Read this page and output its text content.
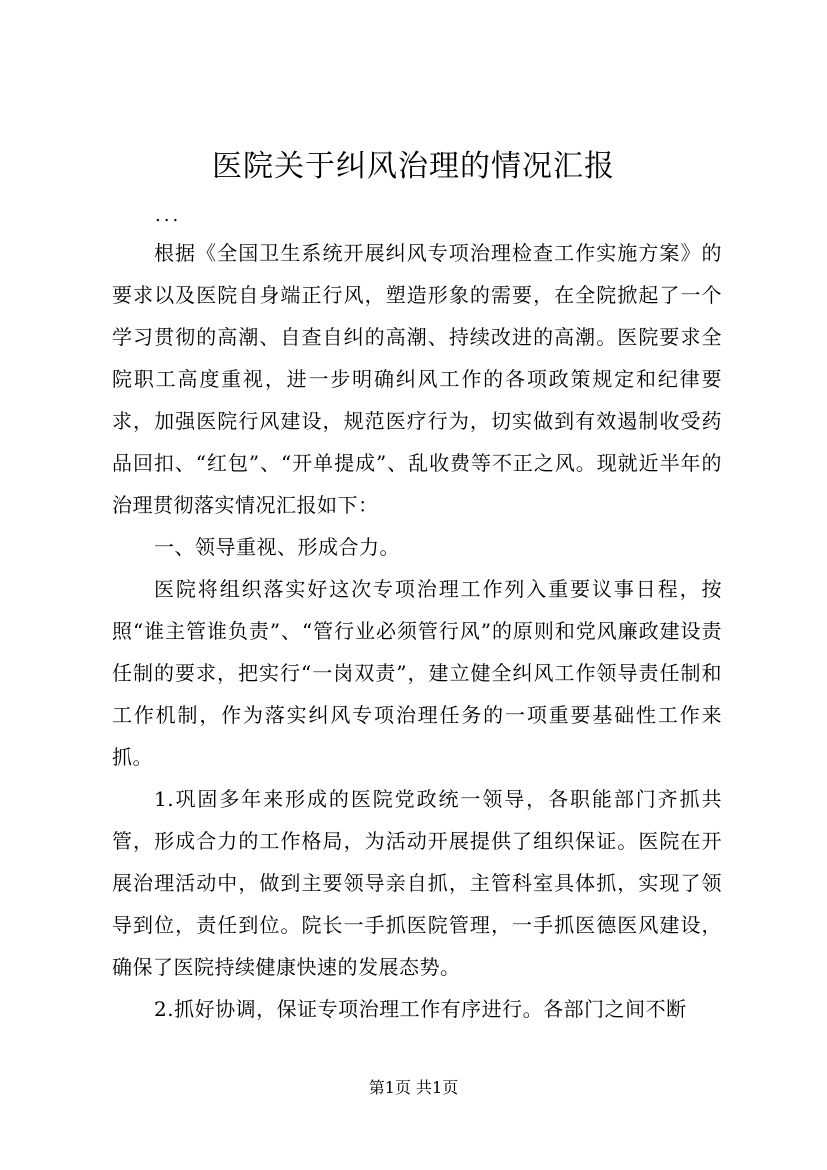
医院关于纠风治理的情况汇报
...

根据《全国卫生系统开展纠风专项治理检查工作实施方案》的要求以及医院自身端正行风，塑造形象的需要，在全院掀起了一个学习贯彻的高潮、自查自纠的高潮、持续改进的高潮。医院要求全院职工高度重视，进一步明确纠风工作的各项政策规定和纪律要求，加强医院行风建设，规范医疗行为，切实做到有效遏制收受药品回扣、“红包”、“开单提成”、乱收费等不正之风。现就近半年的治理贯彻落实情况汇报如下：

一、领导重视、形成合力。

医院将组织落实好这次专项治理工作列入重要议事日程，按照“谁主管谁负责”、“管行业必须管行风”的原则和党风廉政建设责任制的要求，把实行“一岗双责”，建立健全纠风工作领导责任制和工作机制，作为落实纠风专项治理任务的一项重要基础性工作来抓。

1.巩固多年来形成的医院党政统一领导，各职能部门齐抓共管，形成合力的工作格局，为活动开展提供了组织保证。医院在开展治理活动中，做到主要领导亲自抓，主管科室具体抓，实现了领导到位，责任到位。院长一手抓医院管理，一手抓医德医风建设，确保了医院持续健康快速的发展态势。

2.抓好协调，保证专项治理工作有序进行。各部门之间不断

第1页 共1页
